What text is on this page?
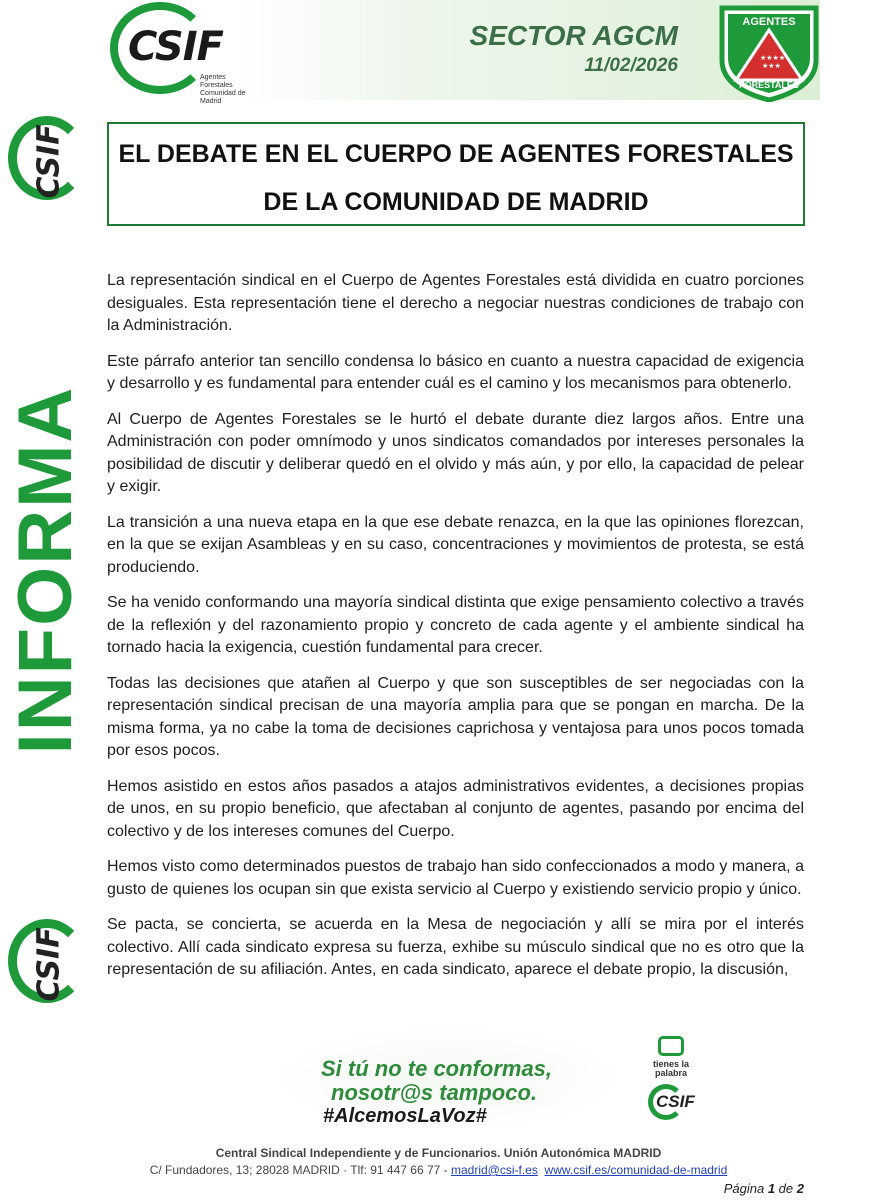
CSIF
Agentes Forestales
Comunidad de Madrid
SECTOR AGCM
11/02/2026	★★★★
★★★
AGENTES
FORESTALES
CSIF
INFORMA
CSIF
EL DEBATE EN EL CUERPO DE AGENTES FORESTALES
DE LA COMUNIDAD DE MADRID

La representación sindical en el Cuerpo de Agentes Forestales está dividida en cuatro porciones desiguales. Esta representación tiene el derecho a negociar nuestras condiciones de trabajo con la Administración.

Este párrafo anterior tan sencillo condensa lo básico en cuanto a nuestra capacidad de exigencia y desarrollo y es fundamental para entender cuál es el camino y los mecanismos para obtenerlo.

Al Cuerpo de Agentes Forestales se le hurtó el debate durante diez largos años. Entre una Administración con poder omnímodo y unos sindicatos comandados por intereses personales la posibilidad de discutir y deliberar quedó en el olvido y más aún, y por ello, la capacidad de pelear y exigir.

La transición a una nueva etapa en la que ese debate renazca, en la que las opiniones florezcan, en la que se exijan Asambleas y en su caso, concentraciones y movimientos de protesta, se está produciendo.

Se ha venido conformando una mayoría sindical distinta que exige pensamiento colectivo a través de la reflexión y del razonamiento propio y concreto de cada agente y el ambiente sindical ha tornado hacia la exigencia, cuestión fundamental para crecer.

Todas las decisiones que atañen al Cuerpo y que son susceptibles de ser negociadas con la representación sindical precisan de una mayoría amplia para que se pongan en marcha. De la misma forma, ya no cabe la toma de decisiones caprichosa y ventajosa para unos pocos tomada por esos pocos.

Hemos asistido en estos años pasados a atajos administrativos evidentes, a decisiones propias de unos, en su propio beneficio, que afectaban al conjunto de agentes, pasando por encima del colectivo y de los intereses comunes del Cuerpo.

Hemos visto como determinados puestos de trabajo han sido confeccionados a modo y manera, a gusto de quienes los ocupan sin que exista servicio al Cuerpo y existiendo servicio propio y único.

Se pacta, se concierta, se acuerda en la Mesa de negociación y allí se mira por el interés colectivo. Allí cada sindicato expresa su fuerza, exhibe su músculo sindical que no es otro que la representación de su afiliación. Antes, en cada sindicato, aparece el debate propio, la discusión,

Si tú no te conformas,
nosotr@s tampoco.
#AlcemosLaVoz#
tienes la palabra
CSIF
Central Sindical Independiente y de Funcionarios. Unión Autonómica MADRID
C/ Fundadores, 13; 28028 MADRID · Tlf: 91 447 66 77 - madrid@csi-f.es www.csif.es/comunidad-de-madrid
Página 1 de 2
